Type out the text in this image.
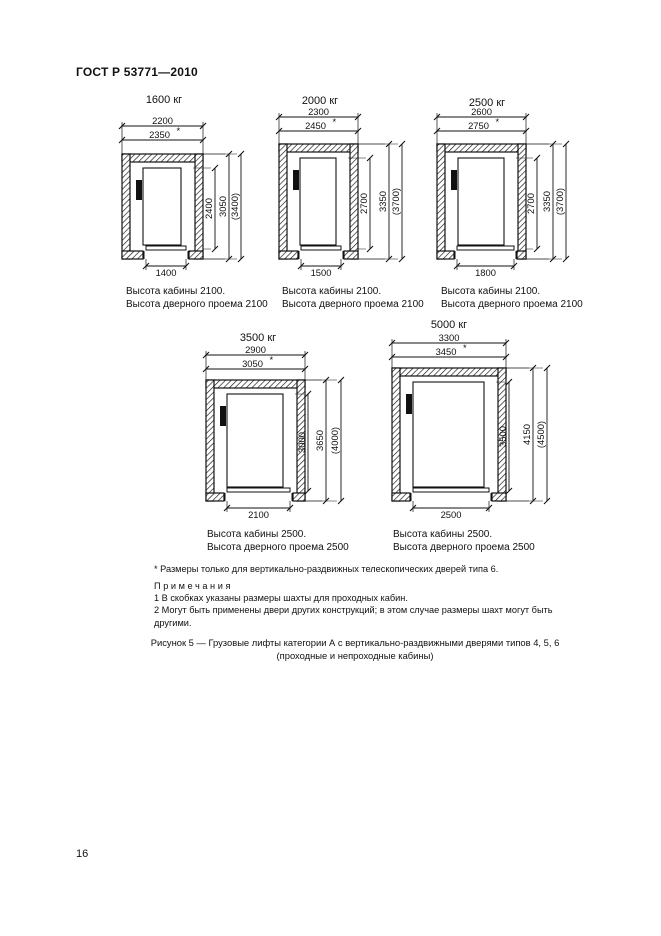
ГОСТ Р 53771—2010
1600 кг	2000 кг	2500 кг
3500 кг
5000 кг
2200
2350 *
1400
2400 3050 (3400)
2300
2450 *
1500
2700 3350 (3700)
2600
2750 *
1800
2700 3350 (3700)
2900
3050 *
2100
3000 3650 (4000)
3300
3450 *
2500
3500 4150 (4500)
Высота кабины 2100.
Высота дверного проема 2100
Высота кабины 2100.
Высота дверного проема 2100
Высота кабины 2100.
Высота дверного проема 2100
Высота кабины 2500.
Высота дверного проема 2500
Высота кабины 2500.
Высота дверного проема 2500
* Размеры только для вертикально-раздвижных телескопических дверей типа 6.
Примечания
1 В скобках указаны размеры шахты для проходных кабин.
2 Могут быть применены двери других конструкций; в этом случае размеры шахт могут быть другими.
Рисунок 5 — Грузовые лифты категории А с вертикально-раздвижными дверями типов 4, 5, 6
(проходные и непроходные кабины)
16
